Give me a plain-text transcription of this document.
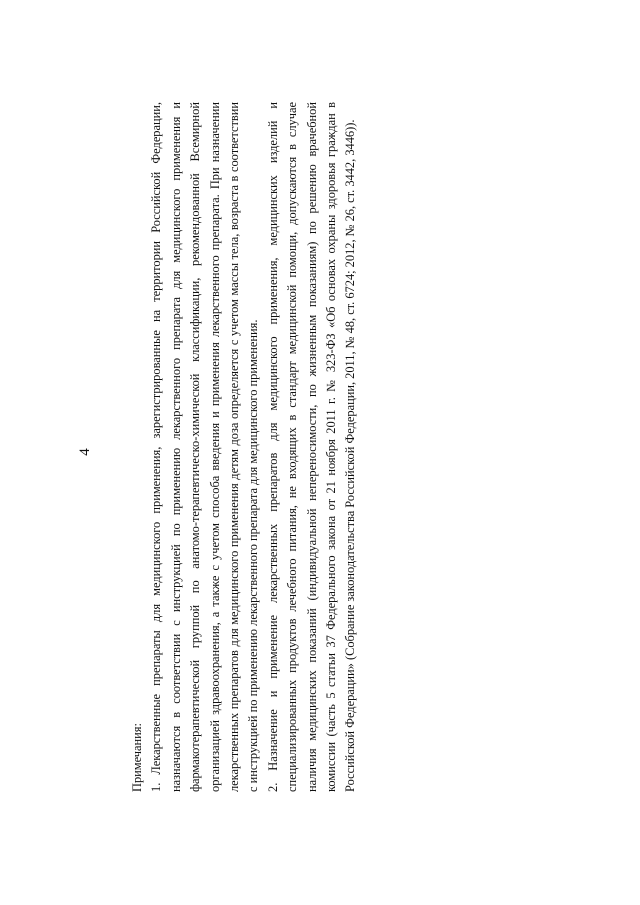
4

Примечания: 1. Лекарственные препараты для медицинского применения, зарегистрированные на территории Российской Федерации, назначаются в соответствии с инструкцией по применению лекарственного препарата для медицинского применения и фармакотерапевтической группой по анатомо-терапевтическо-химической классификации, рекомендованной Всемирной организацией здравоохранения, а также с учетом способа введения и применения лекарственного препарата. При назначении лекарственных препаратов для медицинского применения детям доза определяется с учетом массы тела, возраста в соответствии с инструкцией по применению лекарственного препарата для медицинского применения. 2. Назначение и применение лекарственных препаратов для медицинского применения, медицинских изделий и специализированных продуктов лечебного питания, не входящих в стандарт медицинской помощи, допускаются в случае наличия медицинских показаний (индивидуальной непереносимости, по жизненным показаниям) по решению врачебной комиссии (часть 5 статьи 37 Федерального закона от 21 ноября 2011 г. № 323-ФЗ «Об основах охраны здоровья граждан в Российской Федерации» (Собрание законодательства Российской Федерации, 2011, № 48, ст. 6724; 2012, № 26, ст. 3442, 3446)).
